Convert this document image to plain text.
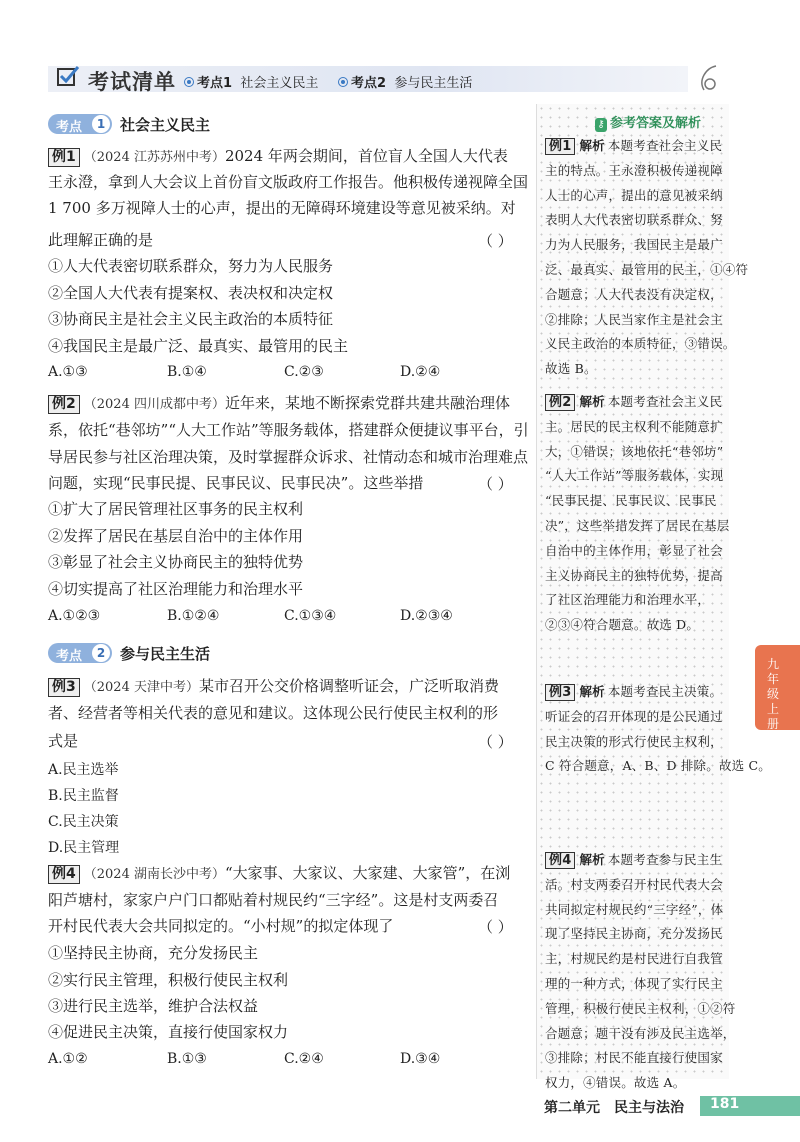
考试清单	考点1 社会主义民主	考点2 参与民主生活
考点	1 社会主义民主
例1 （2024 江苏苏州中考）2024 年两会期间，首位盲人全国人大代表
王永澄，拿到人大会议上首份盲文版政府工作报告。他积极传递视障全国
1 700 多万视障人士的心声，提出的无障碍环境建设等意见被采纳。对
此理解正确的是	（ ）
①人大代表密切联系群众，努力为人民服务
②全国人大代表有提案权、表决权和决定权
③协商民主是社会主义民主政治的本质特征
④我国民主是最广泛、最真实、最管用的民主
A.①③	B.①④	C.②③	D.②④
例2 （2024 四川成都中考）近年来，某地不断探索党群共建共融治理体
系，依托“巷邻坊”“人大工作站”等服务载体，搭建群众便捷议事平台，引
导居民参与社区治理决策，及时掌握群众诉求、社情动态和城市治理难点
问题，实现“民事民提、民事民议、民事民决”。这些举措	（ ）
①扩大了居民管理社区事务的民主权利
②发挥了居民在基层自治中的主体作用
③彰显了社会主义协商民主的独特优势
④切实提高了社区治理能力和治理水平
A.①②③	B.①②④	C.①③④	D.②③④
考点	2 参与民主生活
例3 （2024 天津中考）某市召开公交价格调整听证会，广泛听取消费
者、经营者等相关代表的意见和建议。这体现公民行使民主权利的形
式是	（ ）
A.民主选举
B.民主监督
C.民主决策
D.民主管理
例4 （2024 湖南长沙中考）“大家事、大家议、大家建、大家管”，在浏
阳芦塘村，家家户户门口都贴着村规民约“三字经”。这是村支两委召
开村民代表大会共同拟定的。“小村规”的拟定体现了	（ ）
①坚持民主协商，充分发扬民主
②实行民主管理，积极行使民主权利
③进行民主选举，维护合法权益
④促进民主决策，直接行使国家权力
A.①②	B.①③	C.②④	D.③④
⚷ 参考答案及解析
例1 解析 本题考查社会主义民
主的特点。王永澄积极传递视障
人士的心声，提出的意见被采纳
表明人大代表密切联系群众、努
力为人民服务，我国民主是最广
泛、最真实、最管用的民主，①④符
合题意；人大代表没有决定权，
②排除；人民当家作主是社会主
义民主政治的本质特征，③错误。
故选 B。
例2 解析 本题考查社会主义民
主。居民的民主权利不能随意扩
大，①错误；该地依托“巷邻坊”
“人大工作站”等服务载体，实现
“民事民提、民事民议、民事民
决”，这些举措发挥了居民在基层
自治中的主体作用，彰显了社会
主义协商民主的独特优势，提高
了社区治理能力和治理水平，
②③④符合题意。故选 D。
例3 解析 本题考查民主决策。
听证会的召开体现的是公民通过
民主决策的形式行使民主权利，
C 符合题意，A、B、D 排除。故选 C。
例4 解析 本题考查参与民主生
活。村支两委召开村民代表大会
共同拟定村规民约“三字经”，体
现了坚持民主协商，充分发扬民
主，村规民约是村民进行自我管
理的一种方式，体现了实行民主
管理，积极行使民主权利，①②符
合题意；题干没有涉及民主选举，
③排除；村民不能直接行使国家
权力，④错误。故选 A。
九年级上册
第二单元　民主与法治 181
